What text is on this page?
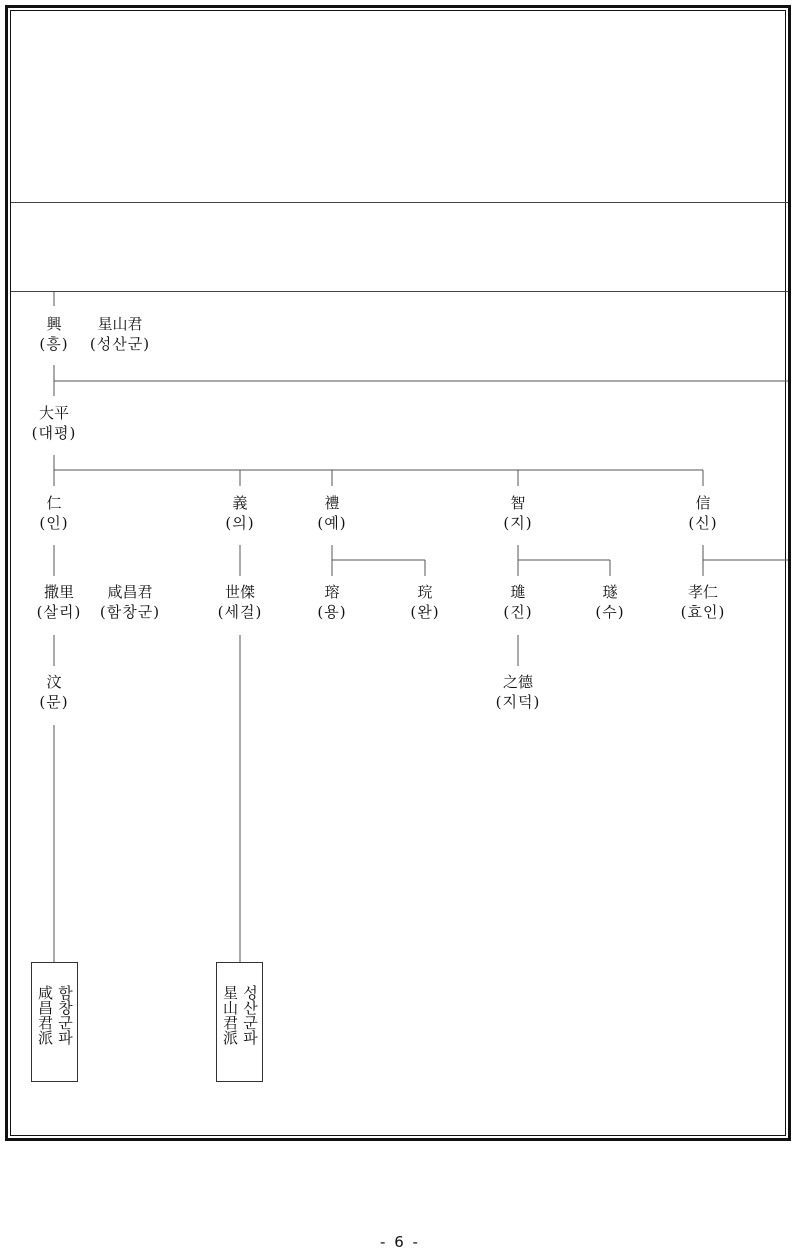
興
(흥)
星山君
(성산군)
大平
(대평)
仁
(인)
義
(의)
禮
(예)
智
(지)
信
(신)
撒里
(살리)
咸昌君
(함창군)
世傑
(세걸)
瑢
(용)
琓
(완)
璡
(진)
璲
(수)
孝仁
(효인)
汶
(문)
之德
(지덕)
함창군파
咸昌君派	성산군파
星山君派
- 6 -
